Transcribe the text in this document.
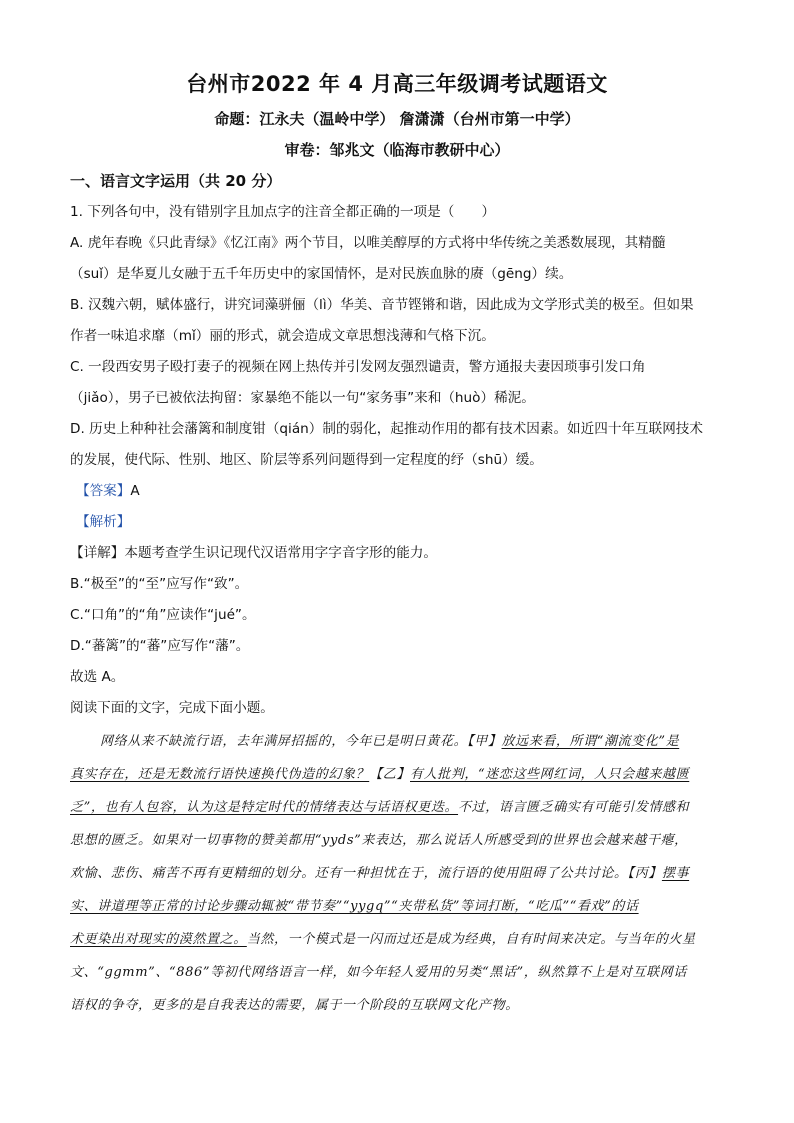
台州市2022 年 4 月高三年级调考试题语文
命题：江永夫（温岭中学） 詹潇潇（台州市第一中学）
审卷：邹兆文（临海市教研中心）
一、语言文字运用（共 20 分）
1. 下列各句中，没有错别字且加点字的注音全都正确的一项是（　　）
A. 虎年春晚《只此青绿》《忆江南》两个节目，以唯美醇厚的方式将中华传统之美悉数展现，其精髓
（suǐ）是华夏儿女融于五千年历史中的家国情怀，是对民族血脉的赓（gēng）续。
B. 汉魏六朝，赋体盛行，讲究词藻骈俪（lì）华美、音节铿锵和谐，因此成为文学形式美的极至。但如果
作者一味追求靡（mǐ）丽的形式，就会造成文章思想浅薄和气格下沉。
C. 一段西安男子殴打妻子的视频在网上热传并引发网友强烈谴责，警方通报夫妻因琐事引发口角
（jiǎo），男子已被依法拘留：家暴绝不能以一句“家务事”来和（huò）稀泥。
D. 历史上种种社会藩篱和制度钳（qián）制的弱化，起推动作用的都有技术因素。如近四十年互联网技术
的发展，使代际、性别、地区、阶层等系列问题得到一定程度的纾（shū）缓。
【答案】A
【解析】
【详解】本题考查学生识记现代汉语常用字字音字形的能力。
B.“极至”的“至”应写作“致”。
C.“口角”的“角”应读作“jué”。
D.“蕃篱”的“蕃”应写作“藩”。
故选 A。
阅读下面的文字，完成下面小题。
网络从来不缺流行语，去年满屏招摇的，今年已是明日黄花。【甲】放远来看，所谓“潮流变化”是
真实存在，还是无数流行语快速换代伪造的幻象？【乙】有人批判，“迷恋这些网红词，人只会越来越匮
乏”，也有人包容，认为这是特定时代的情绪表达与话语权更迭。不过，语言匮乏确实有可能引发情感和
思想的匮乏。如果对一切事物的赞美都用“yyds”来表达，那么说话人所感受到的世界也会越来越干瘪，
欢愉、悲伤、痛苦不再有更精细的划分。还有一种担忧在于，流行语的使用阻碍了公共讨论。【丙】摆事
实、讲道理等正常的讨论步骤动辄被“带节奏”“yygq”“夹带私货”等词打断，“吃瓜”“看戏”的话
术更染出对现实的漠然置之。当然，一个模式是一闪而过还是成为经典，自有时间来决定。与当年的火星
文、“ggmm”、“886”等初代网络语言一样，如今年轻人爱用的另类“黑话”，纵然算不上是对互联网话
语权的争夺，更多的是自我表达的需要，属于一个阶段的互联网文化产物。
